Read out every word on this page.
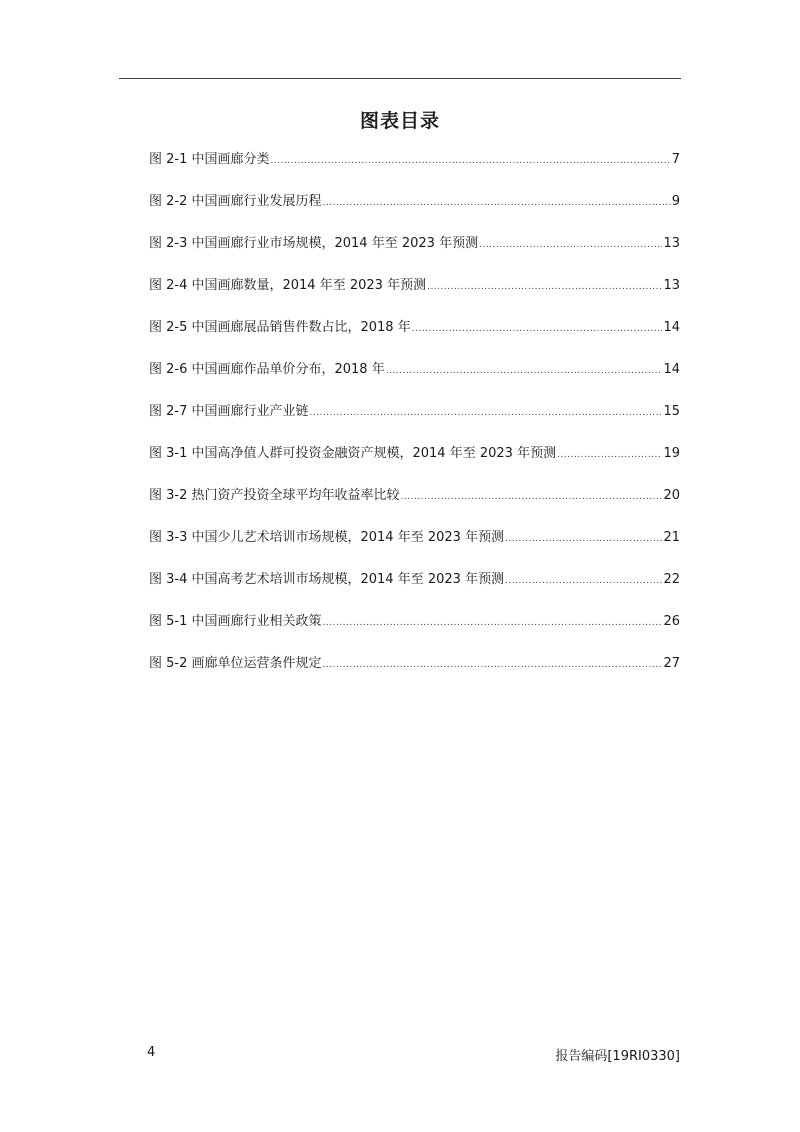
图表目录
图 2-1 中国画廊分类 .....	7
图 2-2 中国画廊行业发展历程 .....	9
图 2-3 中国画廊行业市场规模，2014 年至 2023 年预测 .....	13
图 2-4 中国画廊数量，2014 年至 2023 年预测 .....	13
图 2-5 中国画廊展品销售件数占比，2018 年 .....	14
图 2-6 中国画廊作品单价分布，2018 年 .....	14
图 2-7 中国画廊行业产业链 .....	15
图 3-1 中国高净值人群可投资金融资产规模，2014 年至 2023 年预测 .....	19
图 3-2 热门资产投资全球平均年收益率比较 .....	20
图 3-3 中国少儿艺术培训市场规模，2014 年至 2023 年预测 .....	21
图 3-4 中国高考艺术培训市场规模，2014 年至 2023 年预测 .....	22
图 5-1 中国画廊行业相关政策 .....	26
图 5-2 画廊单位运营条件规定 .....	27
4	报告编码[19RI0330]
